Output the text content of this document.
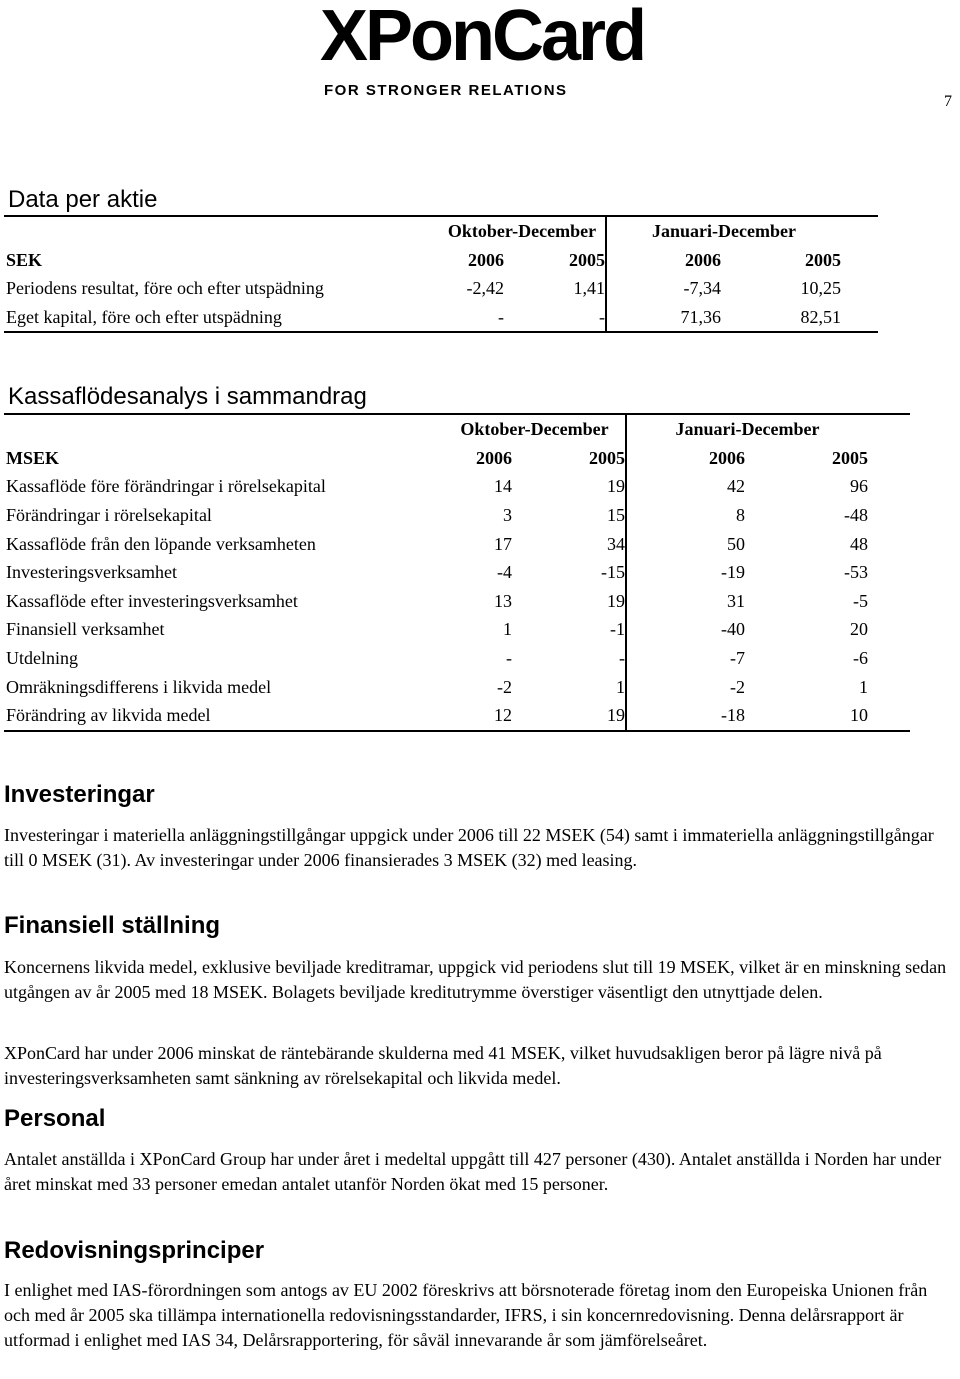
XPonCard
FOR STRONGER RELATIONS
7
Data per aktie
	Oktober-December		Januari-December		
SEK	2006	2005	2006	2005	
Periodens resultat, före och efter utspädning	-2,42	1,41	-7,34	10,25	
Eget kapital, före och efter utspädning	-	-	71,36	82,51	
Kassaflödesanalys i sammandrag
	Oktober-December		Januari-December		
MSEK	2006	2005	2006	2005	
Kassaflöde före förändringar i rörelsekapital	14	19	42	96	
Förändringar i rörelsekapital	3	15	8	-48	
Kassaflöde från den löpande verksamheten	17	34	50	48	
Investeringsverksamhet	-4	-15	-19	-53	
Kassaflöde efter investeringsverksamhet	13	19	31	-5	
Finansiell verksamhet	1	-1	-40	20	
Utdelning	-	-	-7	-6	
Omräkningsdifferens i likvida medel	-2	1	-2	1	
Förändring av likvida medel	12	19	-18	10	
Investeringar

Investeringar i materiella anläggningstillgångar uppgick under 2006 till 22 MSEK (54) samt i immateriella anläggningstillgångar till 0 MSEK (31). Av investeringar under 2006 finansierades 3 MSEK (32) med leasing.

Finansiell ställning

Koncernens likvida medel, exklusive beviljade kreditramar, uppgick vid periodens slut till 19 MSEK, vilket är en minskning sedan utgången av år 2005 med 18 MSEK. Bolagets beviljade kreditutrymme överstiger väsentligt den utnyttjade delen.

XPonCard har under 2006 minskat de räntebärande skulderna med 41 MSEK, vilket huvudsakligen beror på lägre nivå på investeringsverksamheten samt sänkning av rörelsekapital och likvida medel.

Personal

Antalet anställda i XPonCard Group har under året i medeltal uppgått till 427 personer (430). Antalet anställda i Norden har under året minskat med 33 personer emedan antalet utanför Norden ökat med 15 personer.

Redovisningsprinciper

I enlighet med IAS-förordningen som antogs av EU 2002 föreskrivs att börsnoterade företag inom den Europeiska Unionen från och med år 2005 ska tillämpa internationella redovisningsstandarder, IFRS, i sin koncernredovisning. Denna delårsrapport är utformad i enlighet med IAS 34, Delårsrapportering, för såväl innevarande år som jämförelseåret.
